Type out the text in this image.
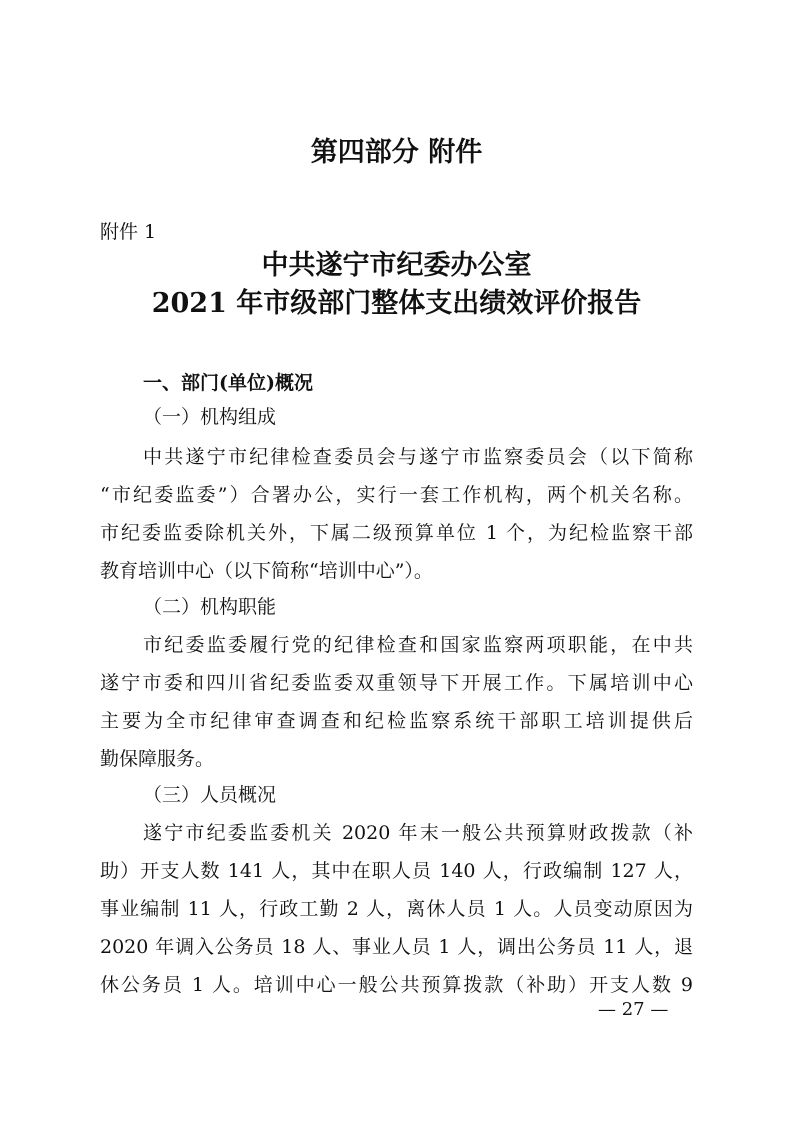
第四部分 附件
附件 1
中共遂宁市纪委办公室
2021 年市级部门整体支出绩效评价报告
一、部门(单位)概况
（一）机构组成
中共遂宁市纪律检查委员会与遂宁市监察委员会（以下简称
“市纪委监委”）合署办公，实行一套工作机构，两个机关名称。
市纪委监委除机关外，下属二级预算单位 1 个，为纪检监察干部
教育培训中心（以下简称“培训中心”）。
（二）机构职能
市纪委监委履行党的纪律检查和国家监察两项职能，在中共
遂宁市委和四川省纪委监委双重领导下开展工作。下属培训中心
主要为全市纪律审查调查和纪检监察系统干部职工培训提供后
勤保障服务。
（三）人员概况
遂宁市纪委监委机关 2020 年末一般公共预算财政拨款（补
助）开支人数 141 人，其中在职人员 140 人，行政编制 127 人，
事业编制 11 人，行政工勤 2 人，离休人员 1 人。人员变动原因为
2020 年调入公务员 18 人、事业人员 1 人，调出公务员 11 人，退
休公务员 1 人。培训中心一般公共预算拨款（补助）开支人数 9
— 27 —
